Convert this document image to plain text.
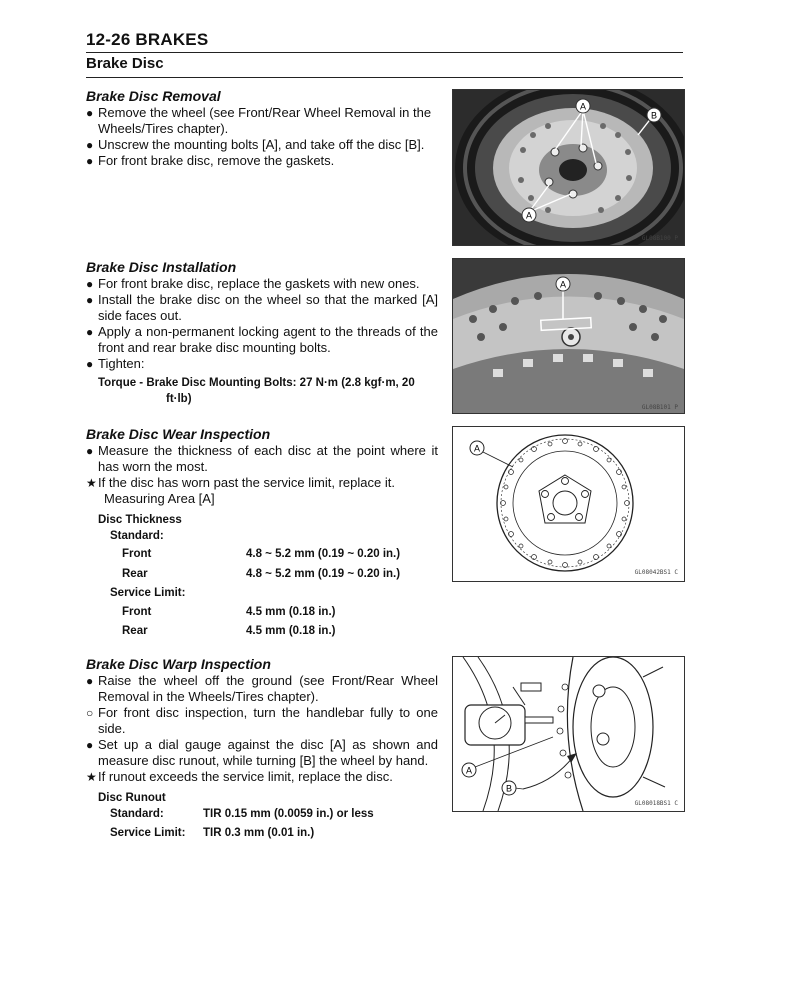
12-26 BRAKES
Brake Disc
Brake Disc Removal
● Remove the wheel (see Front/Rear Wheel Removal in the Wheels/Tires chapter).
● Unscrew the mounting bolts [A], and take off the disc [B].
● For front brake disc, remove the gaskets.
A
B
A
GL08B100 P
Brake Disc Installation
● For front brake disc, replace the gaskets with new ones.
● Install the brake disc on the wheel so that the marked [A] side faces out.
● Apply a non-permanent locking agent to the threads of the front and rear brake disc mounting bolts.
● Tighten:
Torque - Brake Disc Mounting Bolts: 27 N·m (2.8 kgf·m, 20
ft·lb)
A
GL08B101 P
Brake Disc Wear Inspection
● Measure the thickness of each disc at the point where it has worn the most.
★ If the disc has worn past the service limit, replace it.
Measuring Area [A]
Disc Thickness
Standard:
Front	4.8 ~ 5.2 mm (0.19 ~ 0.20 in.)
Rear	4.8 ~ 5.2 mm (0.19 ~ 0.20 in.)
Service Limit:
Front	4.5 mm (0.18 in.)
Rear	4.5 mm (0.18 in.)
A
GL08042BS1 C
Brake Disc Warp Inspection
● Raise the wheel off the ground (see Front/Rear Wheel Removal in the Wheels/Tires chapter).
○ For front disc inspection, turn the handlebar fully to one side.
● Set up a dial gauge against the disc [A] as shown and measure disc runout, while turning [B] the wheel by hand.
★ If runout exceeds the service limit, replace the disc.
Disc Runout
Standard:	TIR 0.15 mm (0.0059 in.) or less
Service Limit: TIR 0.3 mm (0.01 in.)
A
B
GL08018BS1 C
